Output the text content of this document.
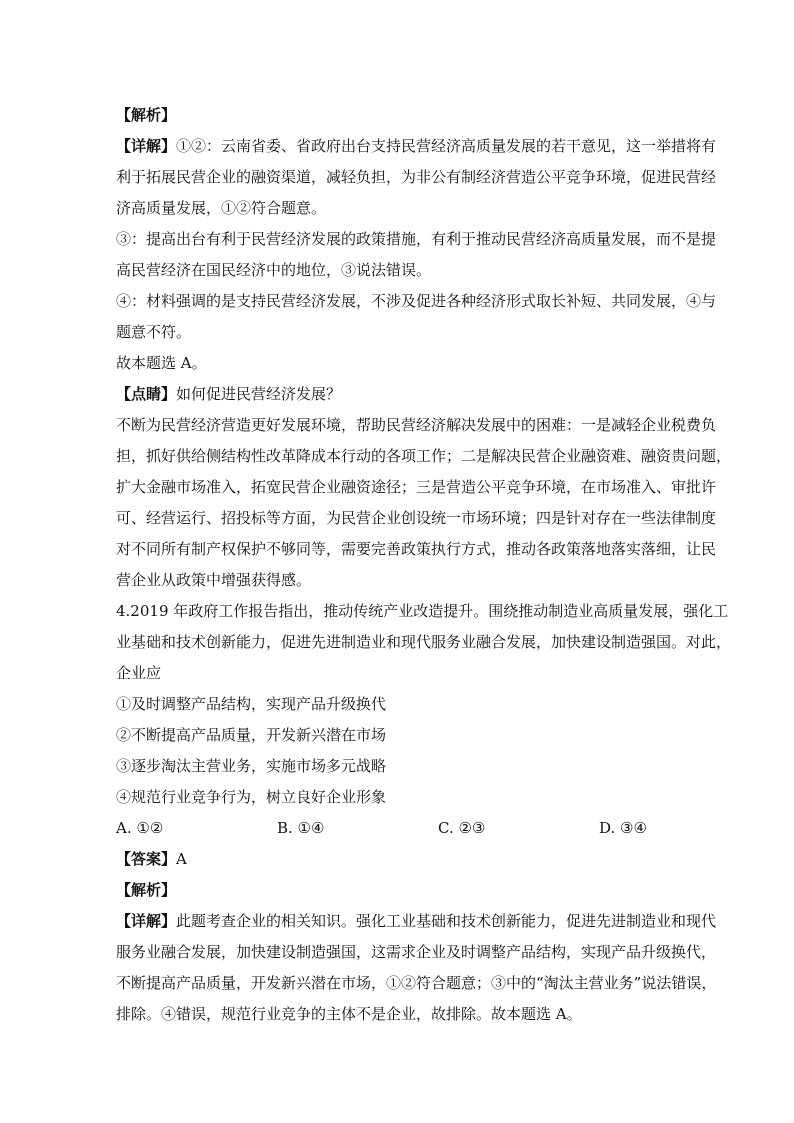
【解析】
【详解】①②：云南省委、省政府出台支持民营经济高质量发展的若干意见，这一举措将有
利于拓展民营企业的融资渠道，减轻负担，为非公有制经济营造公平竞争环境，促进民营经
济高质量发展，①②符合题意。
③：提高出台有利于民营经济发展的政策措施，有利于推动民营经济高质量发展，而不是提
高民营经济在国民经济中的地位，③说法错误。
④：材料强调的是支持民营经济发展，不涉及促进各种经济形式取长补短、共同发展，④与
题意不符。
故本题选 A。
【点睛】如何促进民营经济发展？
不断为民营经济营造更好发展环境，帮助民营经济解决发展中的困难：一是减轻企业税费负
担，抓好供给侧结构性改革降成本行动的各项工作；二是解决民营企业融资难、融资贵问题，
扩大金融市场准入，拓宽民营企业融资途径；三是营造公平竞争环境，在市场准入、审批许
可、经营运行、招投标等方面，为民营企业创设统一市场环境；四是针对存在一些法律制度
对不同所有制产权保护不够同等，需要完善政策执行方式，推动各政策落地落实落细，让民
营企业从政策中增强获得感。
4.2019 年政府工作报告指出，推动传统产业改造提升。围绕推动制造业高质量发展，强化工
业基础和技术创新能力，促进先进制造业和现代服务业融合发展，加快建设制造强国。对此，
企业应
①及时调整产品结构，实现产品升级换代
②不断提高产品质量，开发新兴潜在市场
③逐步淘汰主营业务，实施市场多元战略
④规范行业竞争行为，树立良好企业形象
A. ①②	B. ①④	C. ②③	D. ③④
【答案】A
【解析】
【详解】此题考查企业的相关知识。强化工业基础和技术创新能力，促进先进制造业和现代
服务业融合发展，加快建设制造强国，这需求企业及时调整产品结构，实现产品升级换代，
不断提高产品质量，开发新兴潜在市场，①②符合题意；③中的“淘汰主营业务”说法错误，
排除。④错误，规范行业竞争的主体不是企业，故排除。故本题选 A。
